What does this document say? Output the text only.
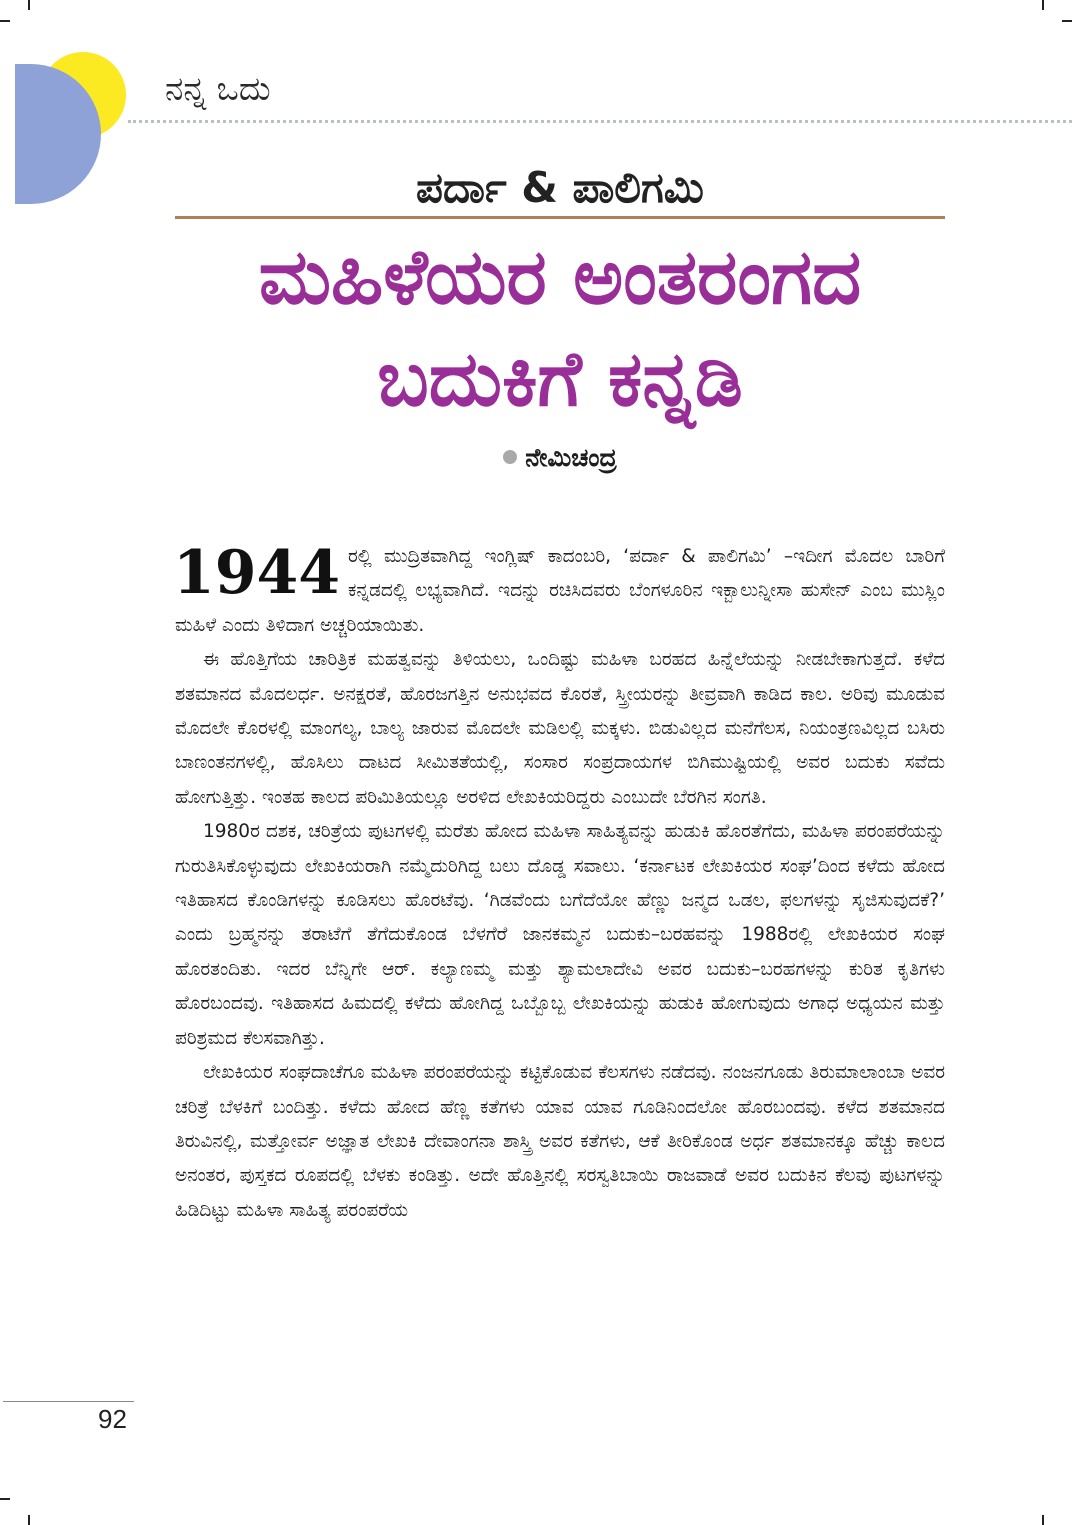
ನನ್ನ ಒದು
ಪರ್ದಾ & ಪಾಲಿಗಮಿ
ಮಹಿಳೆಯರ ಅಂತರಂಗದ
ಬದುಕಿಗೆ ಕನ್ನಡಿ
ನೇಮಿಚಂದ್ರ

1944 ರಲ್ಲಿ ಮುದ್ರಿತವಾಗಿದ್ದ ಇಂಗ್ಲಿಷ್ ಕಾದಂಬರಿ, ‘ಪರ್ದಾ & ಪಾಲಿಗಮಿ’ –ಇದೀಗ ಮೊದಲ ಬಾರಿಗೆ ಕನ್ನಡದಲ್ಲಿ ಲಭ್ಯವಾಗಿದೆ. ಇದನ್ನು ರಚಿಸಿದವರು ಬೆಂಗಳೂರಿನ ಇಕ್ಬಾಲುನ್ನೀಸಾ ಹುಸೇನ್ ಎಂಬ ಮುಸ್ಲಿಂ ಮಹಿಳೆ ಎಂದು ತಿಳಿದಾಗ ಅಚ್ಚರಿಯಾಯಿತು.

ಈ ಹೊತ್ತಿಗೆಯ ಚಾರಿತ್ರಿಕ ಮಹತ್ವವನ್ನು ತಿಳಿಯಲು, ಒಂದಿಷ್ಟು ಮಹಿಳಾ ಬರಹದ ಹಿನ್ನೆಲೆಯನ್ನು ನೀಡಬೇಕಾಗುತ್ತದೆ. ಕಳೆದ ಶತಮಾನದ ಮೊದಲರ್ಧ. ಅನಕ್ಷರತೆ, ಹೊರಜಗತ್ತಿನ ಅನುಭವದ ಕೊರತೆ, ಸ್ತ್ರೀಯರನ್ನು ತೀವ್ರವಾಗಿ ಕಾಡಿದ ಕಾಲ. ಅರಿವು ಮೂಡುವ ಮೊದಲೇ ಕೊರಳಲ್ಲಿ ಮಾಂಗಲ್ಯ, ಬಾಲ್ಯ ಜಾರುವ ಮೊದಲೇ ಮಡಿಲಲ್ಲಿ ಮಕ್ಕಳು. ಬಿಡುವಿಲ್ಲದ ಮನೆಗೆಲಸ, ನಿಯಂತ್ರಣವಿಲ್ಲದ ಬಸಿರು ಬಾಣಂತನಗಳಲ್ಲಿ, ಹೊಸಿಲು ದಾಟದ ಸೀಮಿತತೆಯಲ್ಲಿ, ಸಂಸಾರ ಸಂಪ್ರದಾಯಗಳ ಬಿಗಿಮುಷ್ಟಿಯಲ್ಲಿ ಅವರ ಬದುಕು ಸವೆದು ಹೋಗುತ್ತಿತ್ತು. ಇಂತಹ ಕಾಲದ ಪರಿಮಿತಿಯಲ್ಲೂ ಅರಳಿದ ಲೇಖಕಿಯರಿದ್ದರು ಎಂಬುದೇ ಬೆರಗಿನ ಸಂಗತಿ.

1980ರ ದಶಕ, ಚರಿತ್ರೆಯ ಪುಟಗಳಲ್ಲಿ ಮರೆತು ಹೋದ ಮಹಿಳಾ ಸಾಹಿತ್ಯವನ್ನು ಹುಡುಕಿ ಹೊರತೆಗೆದು, ಮಹಿಳಾ ಪರಂಪರೆಯನ್ನು ಗುರುತಿಸಿಕೊಳ್ಳುವುದು ಲೇಖಕಿಯರಾಗಿ ನಮ್ಮೆದುರಿಗಿದ್ದ ಬಲು ದೊಡ್ಡ ಸವಾಲು. ‘ಕರ್ನಾಟಕ ಲೇಖಕಿಯರ ಸಂಘ’ದಿಂದ ಕಳೆದು ಹೋದ ಇತಿಹಾಸದ ಕೊಂಡಿಗಳನ್ನು ಕೂಡಿಸಲು ಹೊರಟೆವು. ‘ಗಿಡವೆಂದು ಬಗೆದೆಯೋ ಹೆಣ್ಣು ಜನ್ಮದ ಒಡಲ, ಫಲಗಳನ್ನು ಸೃಜಿಸುವುದಕೆ?’ ಎಂದು ಬ್ರಹ್ಮನನ್ನು ತರಾಟೆಗೆ ತೆಗೆದುಕೊಂಡ ಬೆಳಗೆರೆ ಜಾನಕಮ್ಮನ ಬದುಕು–ಬರಹವನ್ನು 1988ರಲ್ಲಿ ಲೇಖಕಿಯರ ಸಂಘ ಹೊರತಂದಿತು. ಇದರ ಬೆನ್ನಿಗೇ ಆರ್. ಕಲ್ಯಾಣಮ್ಮ ಮತ್ತು ಶ್ಯಾಮಲಾದೇವಿ ಅವರ ಬದುಕು–ಬರಹಗಳನ್ನು ಕುರಿತ ಕೃತಿಗಳು ಹೊರಬಂದವು. ಇತಿಹಾಸದ ಹಿಮದಲ್ಲಿ ಕಳೆದು ಹೋಗಿದ್ದ ಒಬ್ಬೊಬ್ಬ ಲೇಖಕಿಯನ್ನು ಹುಡುಕಿ ಹೋಗುವುದು ಅಗಾಧ ಅಧ್ಯಯನ ಮತ್ತು ಪರಿಶ್ರಮದ ಕೆಲಸವಾಗಿತ್ತು.

ಲೇಖಕಿಯರ ಸಂಘದಾಚೆಗೂ ಮಹಿಳಾ ಪರಂಪರೆಯನ್ನು ಕಟ್ಟಿಕೊಡುವ ಕೆಲಸಗಳು ನಡೆದವು. ನಂಜನಗೂಡು ತಿರುಮಾಲಾಂಬಾ ಅವರ ಚರಿತ್ರೆ ಬೆಳಕಿಗೆ ಬಂದಿತ್ತು. ಕಳೆದು ಹೋದ ಹೆಣ್ಣ ಕತೆಗಳು ಯಾವ ಯಾವ ಗೂಡಿನಿಂದಲೋ ಹೊರಬಂದವು. ಕಳೆದ ಶತಮಾನದ ತಿರುವಿನಲ್ಲಿ, ಮತ್ತೋರ್ವ ಅಜ್ಞಾತ ಲೇಖಕಿ ದೇವಾಂಗನಾ ಶಾಸ್ತ್ರಿ ಅವರ ಕತೆಗಳು, ಆಕೆ ತೀರಿಕೊಂಡ ಅರ್ಧ ಶತಮಾನಕ್ಕೂ ಹೆಚ್ಚು ಕಾಲದ ಅನಂತರ, ಪುಸ್ತಕದ ರೂಪದಲ್ಲಿ ಬೆಳಕು ಕಂಡಿತ್ತು. ಅದೇ ಹೊತ್ತಿನಲ್ಲಿ ಸರಸ್ವತಿಬಾಯಿ ರಾಜವಾಡೆ ಅವರ ಬದುಕಿನ ಕೆಲವು ಪುಟಗಳನ್ನು ಹಿಡಿದಿಟ್ಟು ಮಹಿಳಾ ಸಾಹಿತ್ಯ ಪರಂಪರೆಯ

92
